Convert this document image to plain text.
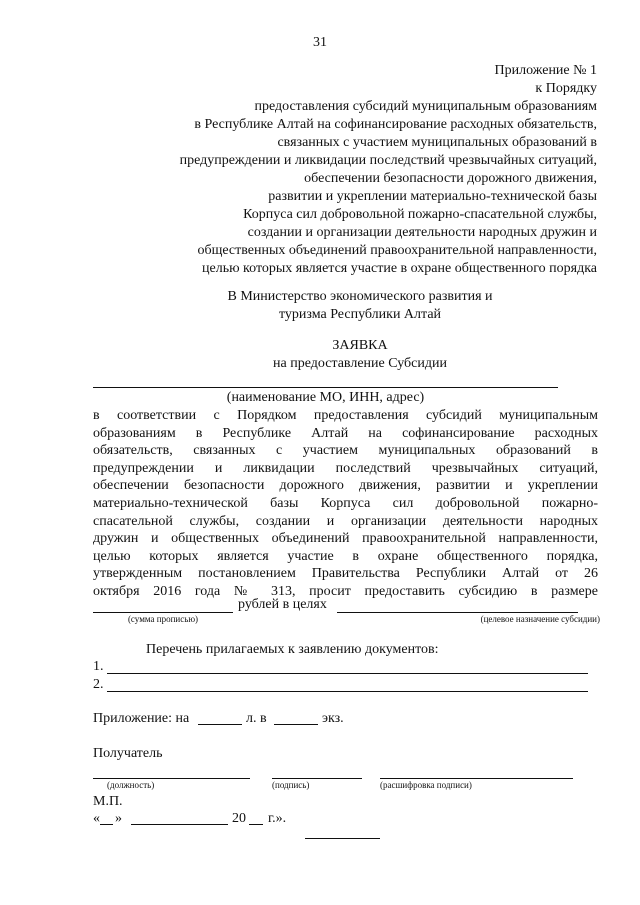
31
Приложение № 1
к Порядку
предоставления субсидий муниципальным образованиям
в Республике Алтай на софинансирование расходных обязательств,
связанных с участием муниципальных образований в
предупреждении и ликвидации последствий чрезвычайных ситуаций,
обеспечении безопасности дорожного движения,
развитии и укреплении материально-технической базы
Корпуса сил добровольной пожарно-спасательной службы,
создании и организации деятельности народных дружин и
общественных объединений правоохранительной направленности,
целью которых является участие в охране общественного порядка
В Министерство экономического развития и
туризма Республики Алтай
ЗАЯВКА
на предоставление Субсидии
(наименование МО, ИНН, адрес)
в соответствии с Порядком предоставления субсидий муниципальным
образованиям в Республике Алтай на софинансирование расходных
обязательств, связанных с участием муниципальных образований в
предупреждении и ликвидации последствий чрезвычайных ситуаций,
обеспечении безопасности дорожного движения, развитии и укреплении
материально-технической базы Корпуса сил добровольной пожарно-
спасательной службы, создании и организации деятельности народных
дружин и общественных объединений правоохранительной направленности,
целью которых является участие в охране общественного порядка,
утвержденным постановлением Правительства Республики Алтай от 26
октября 2016 года № 313, просит предоставить субсидию в размере
рублей в целях
(сумма прописью)	(целевое назначение субсидии)
Перечень прилагаемых к заявлению документов:
1.
2.
Приложение: на	л. в	экз.
Получатель
(должность)	(подпись)	(расшифровка подписи)
М.П.
« »	20 г.».
